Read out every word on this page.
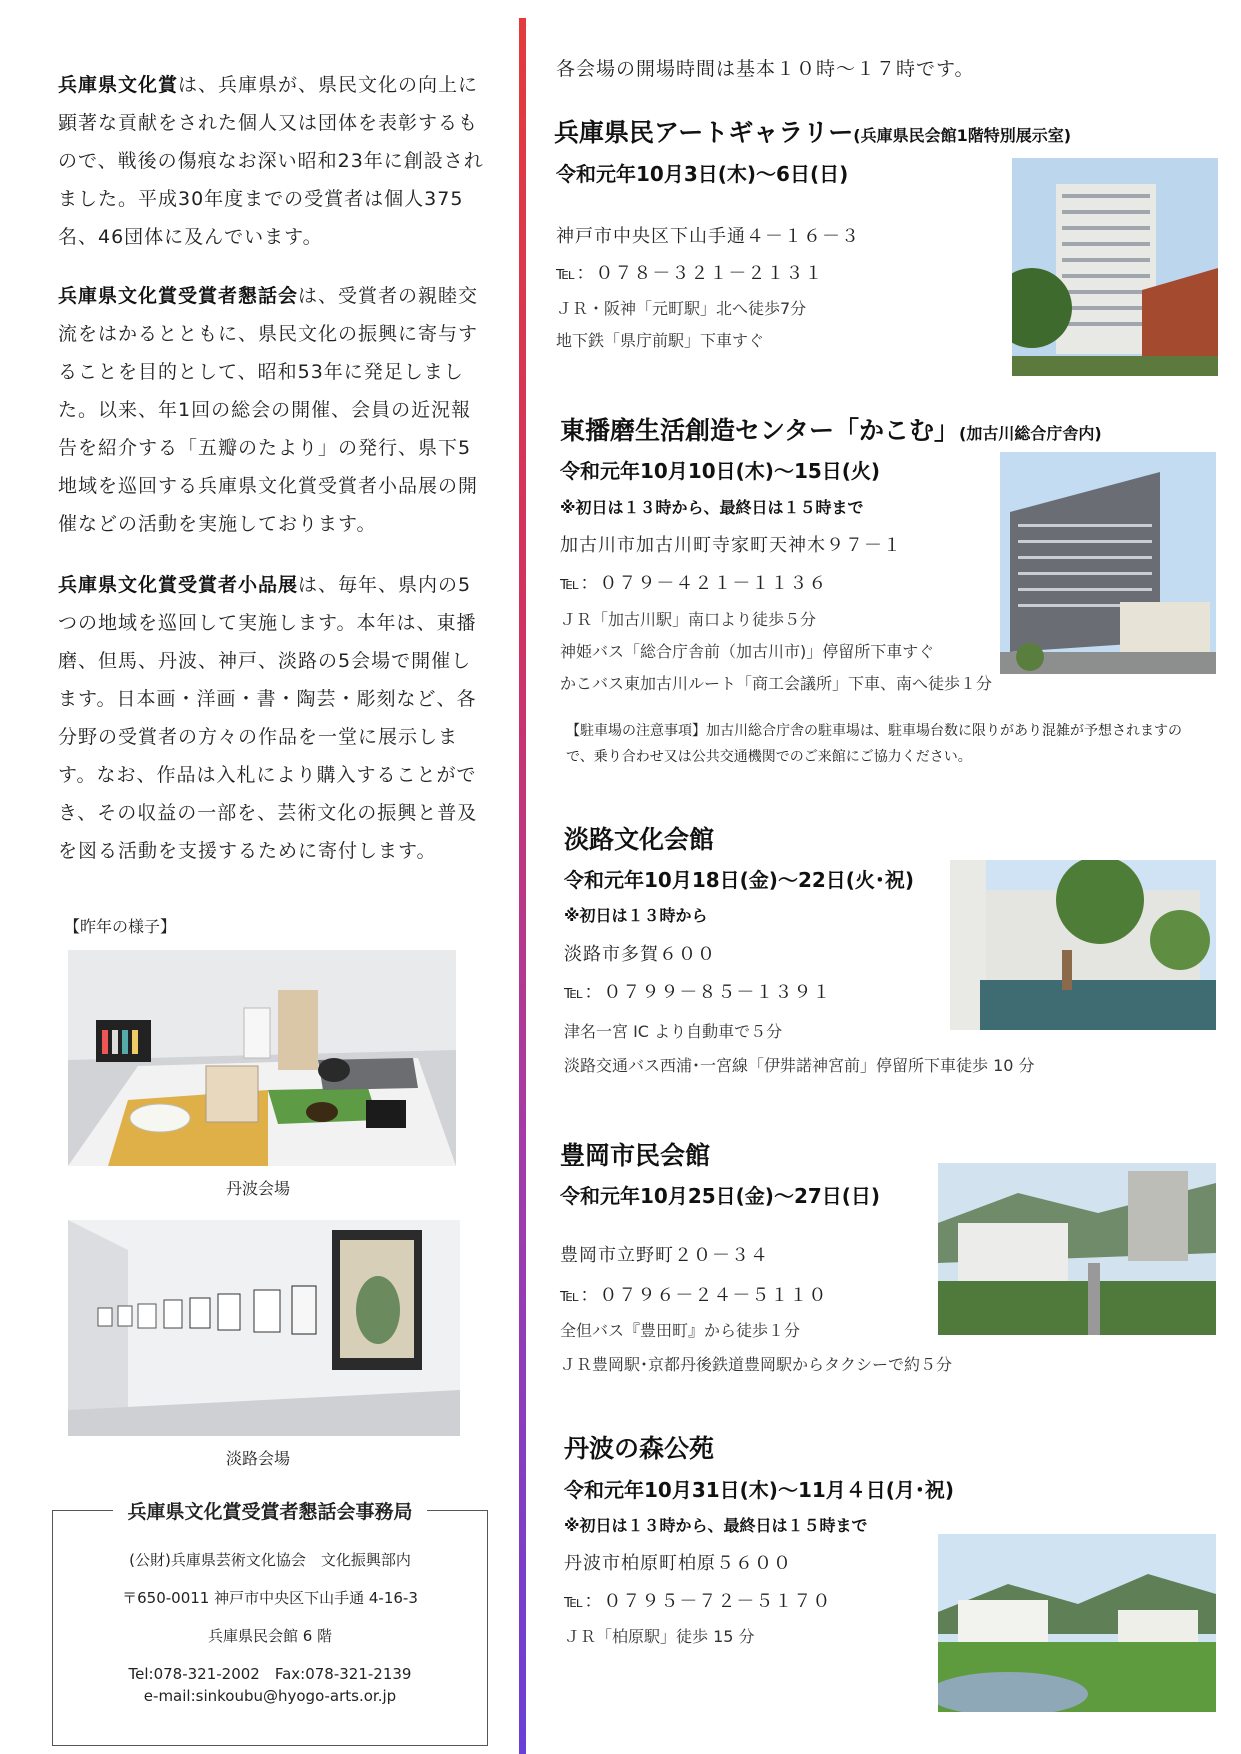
兵庫県文化賞は、兵庫県が、県民文化の向上に顕著な貢献をされた個人又は団体を表彰するもので、戦後の傷痕なお深い昭和23年に創設されました。平成30年度までの受賞者は個人375名、46団体に及んでいます。

兵庫県文化賞受賞者懇話会は、受賞者の親睦交流をはかるとともに、県民文化の振興に寄与することを目的として、昭和53年に発足しました。以来、年1回の総会の開催、会員の近況報告を紹介する「五瓣のたより」の発行、県下5地域を巡回する兵庫県文化賞受賞者小品展の開催などの活動を実施しております。

兵庫県文化賞受賞者小品展は、毎年、県内の5つの地域を巡回して実施します。本年は、東播磨、但馬、丹波、神戸、淡路の5会場で開催します。日本画・洋画・書・陶芸・彫刻など、各分野の受賞者の方々の作品を一堂に展示します。なお、作品は入札により購入することができ、その収益の一部を、芸術文化の振興と普及を図る活動を支援するために寄付します。

【昨年の様子】
丹波会場
淡路会場
兵庫県文化賞受賞者懇話会事務局
(公財)兵庫県芸術文化協会　文化振興部内
〒650-0011 神戸市中央区下山手通 4-16-3
兵庫県民会館 6 階
Tel:078-321-2002　Fax:078-321-2139
e-mail:sinkoubu@hyogo-arts.or.jp
各会場の開場時間は基本１０時～１７時です。
兵庫県民アートギャラリー(兵庫県民会館1階特別展示室)
令和元年10月3日(木)～6日(日)
神戸市中央区下山手通４－１６－３
℡：０７８－３２１－２１３１
ＪＲ・阪神「元町駅」北へ徒歩7分
地下鉄「県庁前駅」下車すぐ
東播磨生活創造センター「かこむ」(加古川総合庁舎内)
令和元年10月10日(木)～15日(火)
※初日は１３時から、最終日は１５時まで
加古川市加古川町寺家町天神木９７－１
℡：０７９－４２１－１１３６
ＪＲ「加古川駅」南口より徒歩５分
神姫バス「総合庁舎前（加古川市)」停留所下車すぐ
かこバス東加古川ルート「商工会議所」下車、南へ徒歩１分
【駐車場の注意事項】加古川総合庁舎の駐車場は、駐車場台数に限りがあり混雑が予想されますので、乗り合わせ又は公共交通機関でのご来館にご協力ください。
淡路文化会館
令和元年10月18日(金)～22日(火･祝)
※初日は１３時から
淡路市多賀６００
℡：０７９９－８５－１３９１
津名一宮 IC より自動車で５分
淡路交通バス西浦･一宮線「伊弉諾神宮前」停留所下車徒歩 10 分
豊岡市民会館
令和元年10月25日(金)～27日(日)
豊岡市立野町２０－３４
℡：０７９６－２４－５１１０
全但バス『豊田町』から徒歩１分
ＪＲ豊岡駅･京都丹後鉄道豊岡駅からタクシーで約５分
丹波の森公苑
令和元年10月31日(木)～11月４日(月･祝)
※初日は１３時から、最終日は１５時まで
丹波市柏原町柏原５６００
℡：０７９５－７２－５１７０
ＪＲ「柏原駅」徒歩 15 分
